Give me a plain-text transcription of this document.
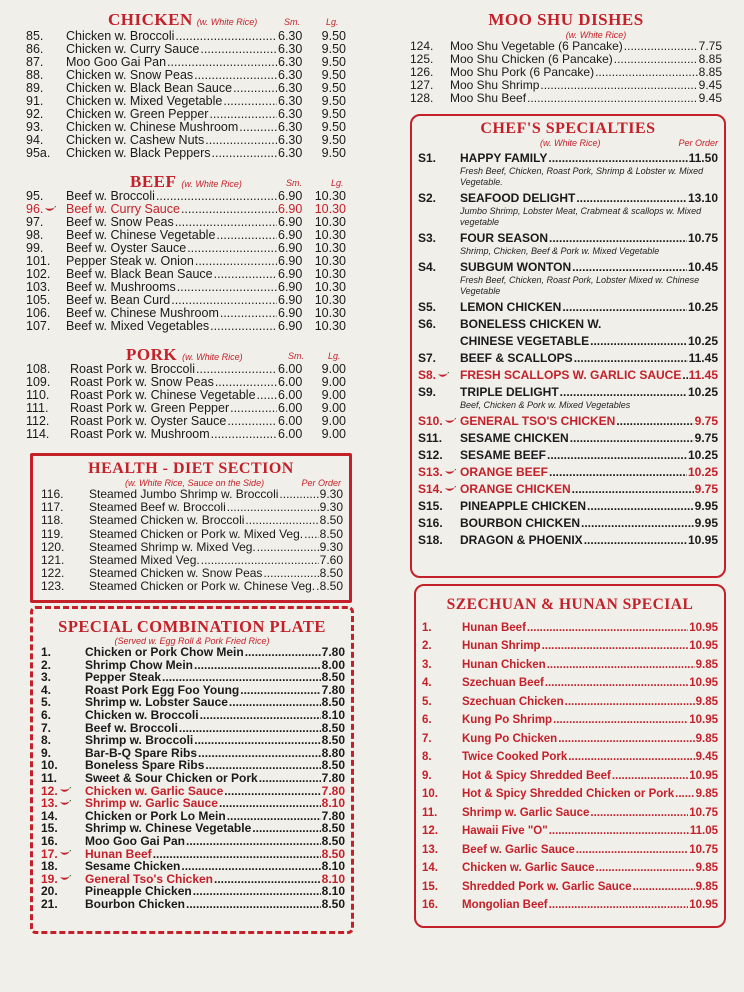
CHICKEN (w. White Rice)	Sm.	Lg.
85.	Chicken w. Broccoli .....	6.30	9.50
86.	Chicken w. Curry Sauce .....	6.30	9.50
87.	Moo Goo Gai Pan .....	6.30	9.50
88.	Chicken w. Snow Peas .....	6.30	9.50
89.	Chicken w. Black Bean Sauce .....	6.30	9.50
91.	Chicken w. Mixed Vegetable .....	6.30	9.50
92.	Chicken w. Green Pepper .....	6.30	9.50
93.	Chicken w. Chinese Mushroom .....	6.30	9.50
94.	Chicken w. Cashew Nuts .....	6.30	9.50
95a.	Chicken w. Black Peppers .....	6.30	9.50
BEEF (w. White Rice)	Sm.	Lg.
95.	Beef w. Broccoli .....	6.90 10.30
96.	Beef w. Curry Sauce .....	6.90 10.30
97.	Beef w. Snow Peas .....	6.90 10.30
98.	Beef w. Chinese Vegetable .....	6.90 10.30
99.	Beef w. Oyster Sauce .....	6.90 10.30
101.	Pepper Steak w. Onion .....	6.90 10.30
102.	Beef w. Black Bean Sauce .....	6.90 10.30
103.	Beef w. Mushrooms .....	6.90 10.30
105.	Beef w. Bean Curd .....	6.90 10.30
106.	Beef w. Chinese Mushroom .....	6.90 10.30
107.	Beef w. Mixed Vegetables .....	6.90 10.30
PORK (w. White Rice)	Sm.	Lg.
108.	Roast Pork w. Broccoli .....	6.00	9.00
109.	Roast Pork w. Snow Peas .....	6.00	9.00
110.	Roast Pork w. Chinese Vegetable ..... 6.00	9.00
111.	Roast Pork w. Green Pepper .....	6.00	9.00
112.	Roast Pork w. Oyster Sauce .....	6.00	9.00
114.	Roast Pork w. Mushroom .....	6.00	9.00
HEALTH - DIET SECTION
(w. White Rice, Sauce on the Side)	Per Order
116.	Steamed Jumbo Shrimp w. Broccoli .....	9.30
117.	Steamed Beef w. Broccoli .....	9.30
118.	Steamed Chicken w. Broccoli .....	8.50
119.	Steamed Chicken or Pork w. Mixed Veg. ..... 8.50
120.	Steamed Shrimp w. Mixed Veg. .....	9.30
121.	Steamed Mixed Veg. .....	7.60
122.	Steamed Chicken w. Snow Peas .....	8.50
123.	Steamed Chicken or Pork w. Chinese Veg. ..... 8.50
SPECIAL COMBINATION PLATE
(Served w. Egg Roll & Pork Fried Rice)
1.	Chicken or Pork Chow Mein .....	7.80
2.	Shrimp Chow Mein .....	8.00
3.	Pepper Steak .....	8.50
4.	Roast Pork Egg Foo Young .....	7.80
5.	Shrimp w. Lobster Sauce .....	8.50
6.	Chicken w. Broccoli .....	8.10
7.	Beef w. Broccoli .....	8.50
8.	Shrimp w. Broccoli .....	8.50
9.	Bar-B-Q Spare Ribs .....	8.80
10.	Boneless Spare Ribs .....	8.50
11.	Sweet & Sour Chicken or Pork .....	7.80
12.	Chicken w. Garlic Sauce .....	7.80
13.	Shrimp w. Garlic Sauce .....	8.10
14.	Chicken or Pork Lo Mein .....	7.80
15.	Shrimp w. Chinese Vegetable .....	8.50
16.	Moo Goo Gai Pan .....	8.50
17.	Hunan Beef .....	8.50
18.	Sesame Chicken .....	8.10
19.	General Tso's Chicken .....	8.10
20.	Pineapple Chicken .....	8.10
21.	Bourbon Chicken .....	8.50
MOO SHU DISHES
(w. White Rice)
124.	Moo Shu Vegetable (6 Pancake) .....	7.75
125.	Moo Shu Chicken (6 Pancake) .....	8.85
126.	Moo Shu Pork (6 Pancake) .....	8.85
127.	Moo Shu Shrimp .....	9.45
128.	Moo Shu Beef .....	9.45
CHEF'S SPECIALTIES
(w. White Rice)	Per Order
S1.	HAPPY FAMILY .....	11.50
Fresh Beef, Chicken, Roast Pork, Shrimp & Lobster w. Mixed Vegetable.
S2.	SEAFOOD DELIGHT .....	13.10
Jumbo Shrimp, Lobster Meat, Crabmeat & scallops w. Mixed vegetable
S3.	FOUR SEASON .....	10.75
Shrimp, Chicken, Beef & Pork w. Mixed Vegetable
S4.	SUBGUM WONTON .....	10.45
Fresh Beef, Chicken, Roast Pork, Lobster Mixed w. Chinese Vegetable
S5.	LEMON CHICKEN .....	10.25
S6.	BONELESS CHICKEN W.
CHINESE VEGETABLE .....	10.25
S7.	BEEF & SCALLOPS .....	11.45
S8.	FRESH SCALLOPS W. GARLIC SAUCE ..... 11.45
S9.	TRIPLE DELIGHT .....	10.25
Beef, Chicken & Pork w. Mixed Vegetables
S10.	GENERAL TSO'S CHICKEN .....	9.75
S11.	SESAME CHICKEN .....	9.75
S12.	SESAME BEEF .....	10.25
S13.	ORANGE BEEF .....	10.25
S14.	ORANGE CHICKEN .....	9.75
S15.	PINEAPPLE CHICKEN .....	9.95
S16.	BOURBON CHICKEN .....	9.95
S18.	DRAGON & PHOENIX .....	10.95
SZECHUAN & HUNAN SPECIAL
1.	Hunan Beef .....	10.95
2.	Hunan Shrimp .....	10.95
3.	Hunan Chicken .....	9.85
4.	Szechuan Beef .....	10.95
5.	Szechuan Chicken .....	9.85
6.	Kung Po Shrimp .....	10.95
7.	Kung Po Chicken .....	9.85
8.	Twice Cooked Pork .....	9.45
9.	Hot & Spicy Shredded Beef .....	10.95
10.	Hot & Spicy Shredded Chicken or Pork ..... 9.85
11.	Shrimp w. Garlic Sauce .....	10.75
12.	Hawaii Five "O" .....	11.05
13.	Beef w. Garlic Sauce .....	10.75
14.	Chicken w. Garlic Sauce .....	9.85
15.	Shredded Pork w. Garlic Sauce .....	9.85
16.	Mongolian Beef .....	10.95
